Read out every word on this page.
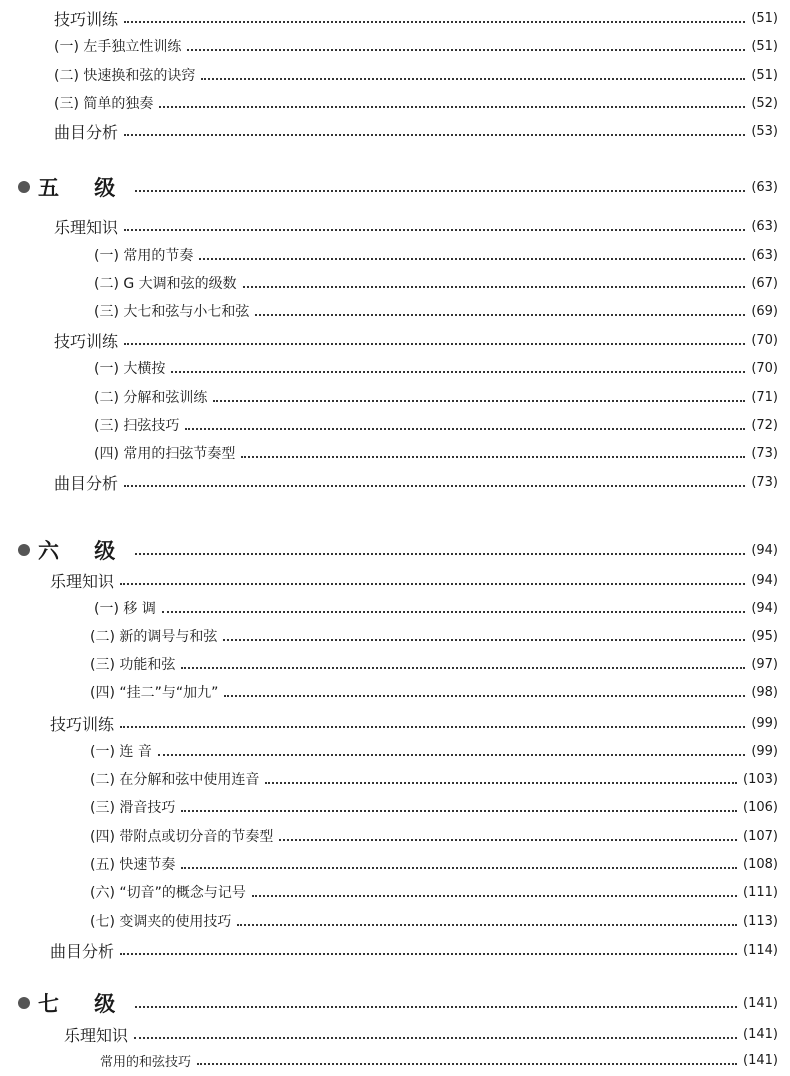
技巧训练	(51)
(一) 左手独立性训练	(51)
(二) 快速换和弦的诀窍	(51)
(三) 简单的独奏	(52)
曲目分析	(53)
五 级	(63)
乐理知识	(63)
(一) 常用的节奏	(63)
(二) G 大调和弦的级数	(67)
(三) 大七和弦与小七和弦	(69)
技巧训练	(70)
(一) 大横按	(70)
(二) 分解和弦训练	(71)
(三) 扫弦技巧	(72)
(四) 常用的扫弦节奏型	(73)
曲目分析	(73)
六 级	(94)
乐理知识	(94)
(一) 移 调	(94)
(二) 新的调号与和弦	(95)
(三) 功能和弦	(97)
(四) “挂二”与“加九”	(98)
技巧训练	(99)
(一) 连 音	(99)
(二) 在分解和弦中使用连音	(103)
(三) 滑音技巧	(106)
(四) 带附点或切分音的节奏型	(107)
(五) 快速节奏	(108)
(六) “切音”的概念与记号	(111)
(七) 变调夹的使用技巧	(113)
曲目分析	(114)
七 级	(141)
乐理知识	(141)
常用的和弦技巧	(141)
